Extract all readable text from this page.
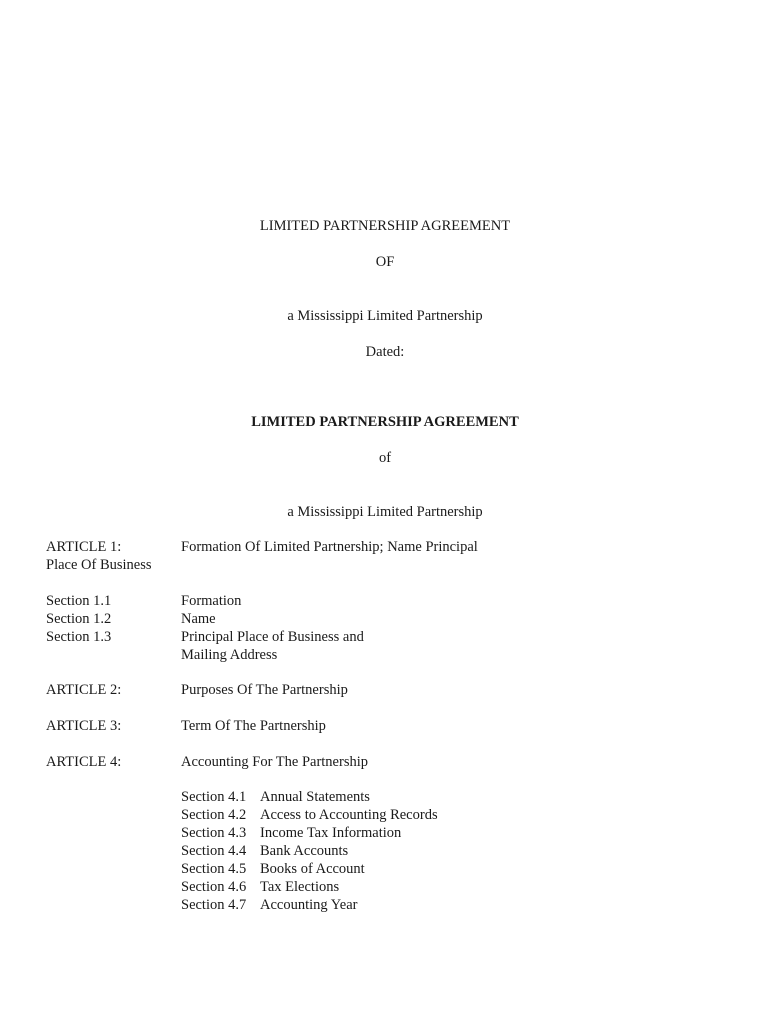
LIMITED PARTNERSHIP AGREEMENT
OF
a Mississippi Limited Partnership
Dated:
LIMITED PARTNERSHIP AGREEMENT
of
a Mississippi Limited Partnership
ARTICLE 1:	Formation Of Limited Partnership; Name Principal
Place Of Business
Section 1.1	Formation
Section 1.2	Name
Section 1.3	Principal Place of Business and
Mailing Address
ARTICLE 2:	Purposes Of The Partnership
ARTICLE 3:	Term Of The Partnership
ARTICLE 4:	Accounting For The Partnership
Section 4.1 Annual Statements
Section 4.2 Access to Accounting Records
Section 4.3 Income Tax Information
Section 4.4 Bank Accounts
Section 4.5 Books of Account
Section 4.6 Tax Elections
Section 4.7 Accounting Year
